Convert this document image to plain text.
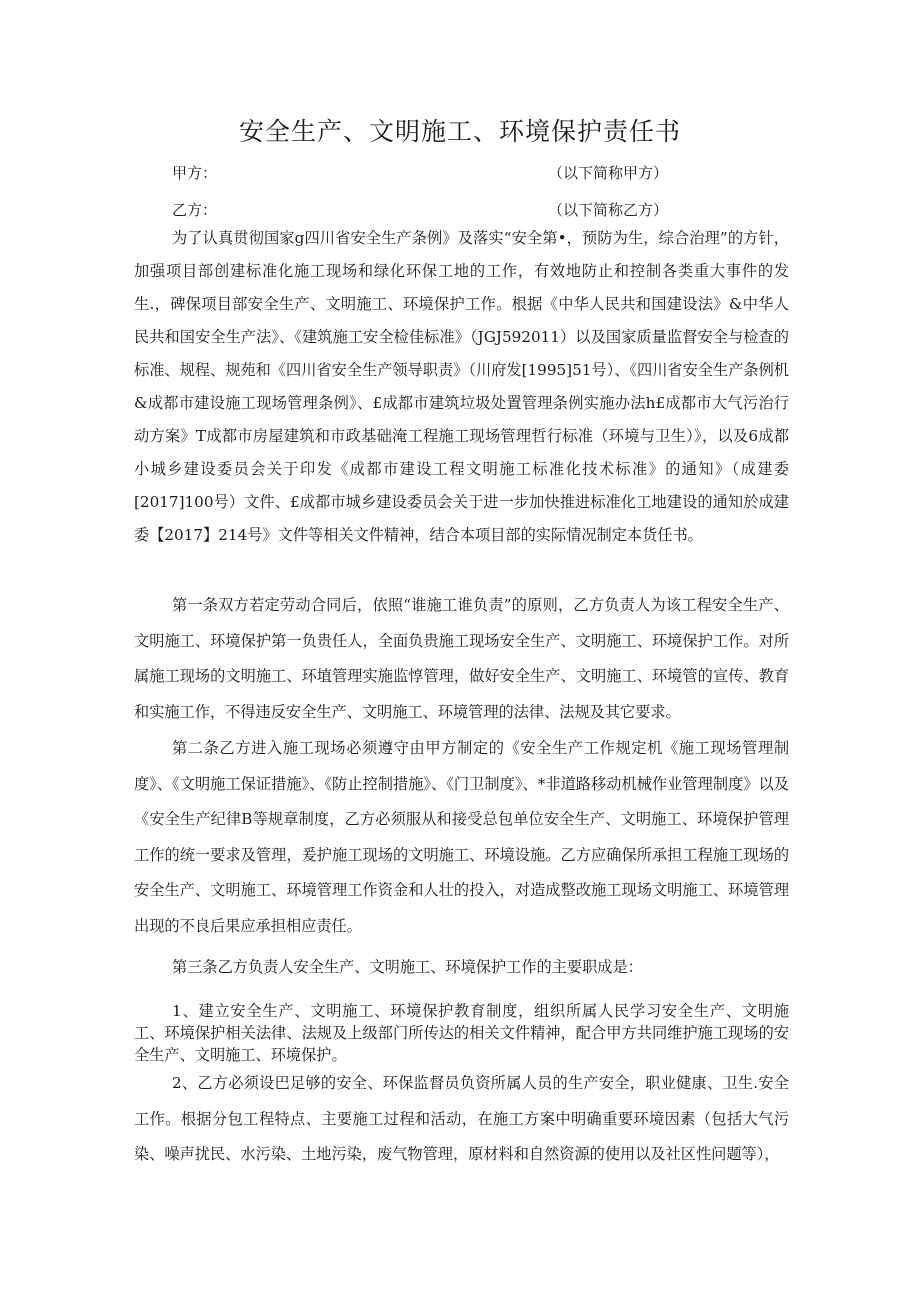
安全生产、文明施工、环境保护责任书
甲方：	（以下简称甲方）
乙方：	（以下简称乙方）

为了认真贯彻国家g四川省安全生产条例》及落实“安全第•，预防为生，综合治理”的方针，加强项目部创建标准化施工现场和绿化环保工地的工作，有效地防止和控制各类重大事件的发生.，碑保项目部安全生产、文明施工、环境保护工作。根据《中华人民共和国建设法》&中华人民共和国安全生产法》、《建筑施工安全检佳标准》（JGJ592011）以及国家质量监督安全与检查的标准、规程、规苑和《四川省安全生产领导职责》（川府发[1995]51号）、《四川省安全生产条例机&成都市建设施工现场管理条例》、£成都市建筑垃圾处置管理条例实施办法h£成都市大气污治行动方案》T成都市房屋建筑和市政基础淹工程施工现场管理哲行标准（环境与卫生）》，以及6成都小城乡建设委员会关于印发《成都市建设工程文明施工标准化技术标准》的通知》（成建委[2017]100号）文件、£成都市城乡建设委员会关于进一步加快推进标准化工地建设的通知於成建委【2017】214号》文件等相关文件精神，结合本项目部的实际情况制定本货任书。

第一条双方若定劳动合同后，依照“谁施工谁负责”的原则，乙方负责人为该工程安全生产、文明施工、环境保护第一负贵任人，全面负贵施工现场安全生产、文明施工、环境保护工作。对所属施工现场的文明施工、环埴管理实施监惇管理，做好安全生产、文明施工、环境管的宣传、教育和实施工作，不得违反安全生产、文明施工、环境管理的法律、法规及其它要求。

第二条乙方进入施工现场必须遵守由甲方制定的《安全生产工作规定机《施工现场管理制度》、《文明施工保证措施》、《防止控制措施》、《门卫制度》、*非道路移动机械作业管理制度》以及《安全生产纪律B等规章制度，乙方必须服从和接受总包单位安全生产、文明施工、环境保护管理工作的统一要求及管理，爰护施工现场的文明施工、环境设施。乙方应确保所承担工程施工现场的安全生产、文明施工、环境管理工作资金和人壮的投入，对造成整改施工现场文明施工、环境管理出现的不良后果应承担相应责任。

第三条乙方负责人安全生产、文明施工、环境保护工作的主要职成是：

1、建立安全生产、文明施工、环境保护教育制度，组织所属人民学习安全生产、文明施工、环境保护相关法律、法规及上级部门所传达的相关文件精神，配合甲方共同维护施工现场的安全生产、文明施工、环境保护。

2、乙方必须设巴足够的安全、环保监督员负资所属人员的生产安全，职业健康、卫生.安全工作。根据分包工程特点、主要施工过程和活动，在施工方案中明确重要环境因素（包括大气污染、噪声扰民、水污染、土地污染，废气物管理，原材料和自然资源的使用以及社区性问题等），
